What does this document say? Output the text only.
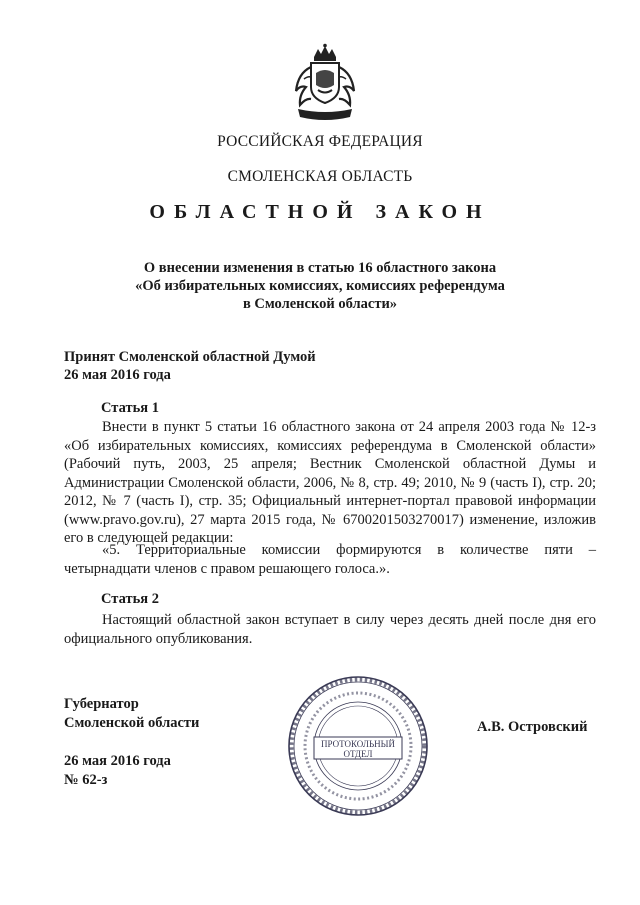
РОССИЙСКАЯ ФЕДЕРАЦИЯ
СМОЛЕНСКАЯ ОБЛАСТЬ
ОБЛАСТНОЙ ЗАКОН
О внесении изменения в статью 16 областного закона
«Об избирательных комиссиях, комиссиях референдума
в Смоленской области»
Принят Смоленской областной Думой
26 мая 2016 года
Статья 1
Внести в пункт 5 статьи 16 областного закона от 24 апреля 2003 года № 12-з «Об избирательных комиссиях, комиссиях референдума в Смоленской области» (Рабочий путь, 2003, 25 апреля; Вестник Смоленской областной Думы и Администрации Смоленской области, 2006, № 8, стр. 49; 2010, № 9 (часть I), стр. 20; 2012, № 7 (часть I), стр. 35; Официальный интернет-портал правовой информации (www.pravo.gov.ru), 27 марта 2015 года, № 6700201503270017) изменение, изложив его в следующей редакции:
«5. Территориальные комиссии формируются в количестве пяти – четырнадцати членов с правом решающего голоса.».
Статья 2
Настоящий областной закон вступает в силу через десять дней после дня его официального опубликования.
Губернатор
Смоленской области	А.В. Островский
26 мая 2016 года
№ 62-з
ПРОТОКОЛЬНЫЙ
ОТДЕЛ
